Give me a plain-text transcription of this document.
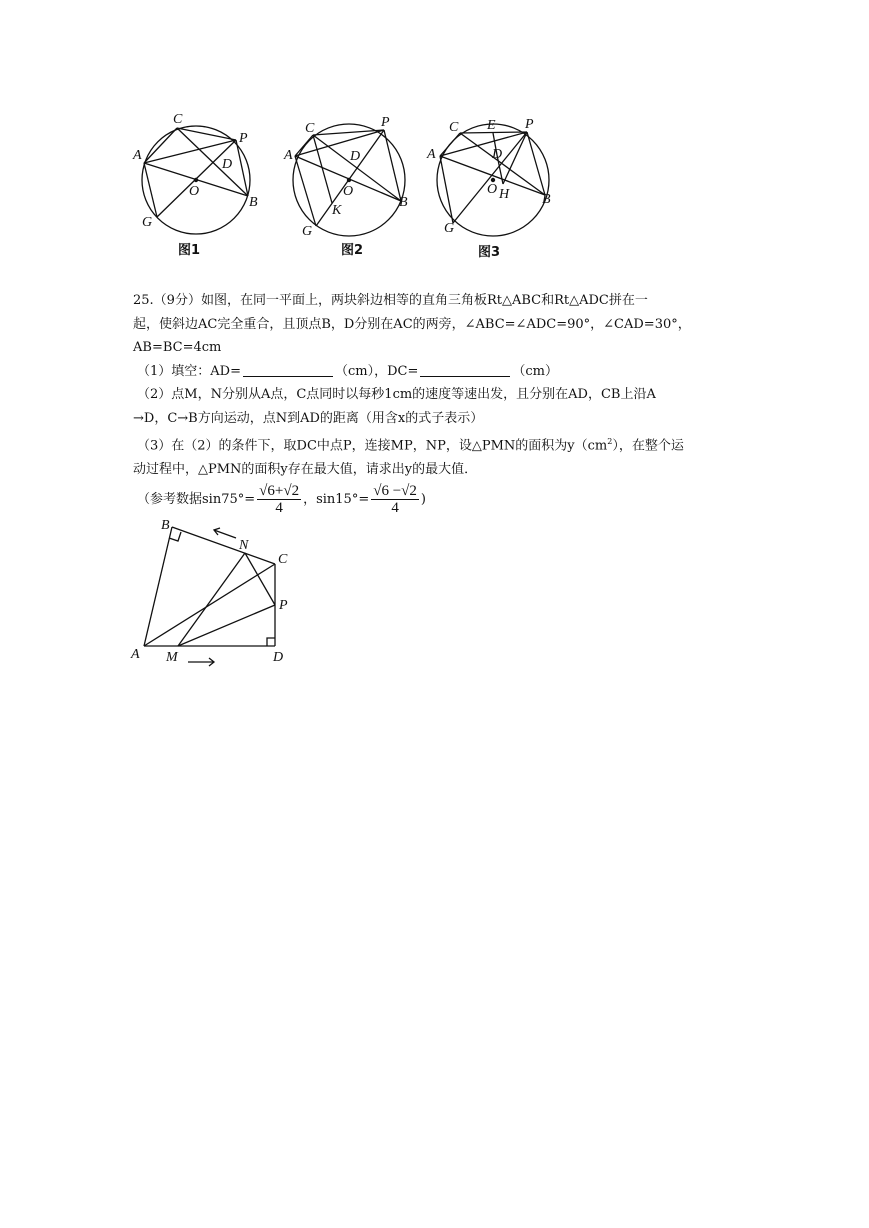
A
C
P
D
O
B
G
图1
A
C	P
D
O
B
K
G
图2
A
C E P
D
O H B
G
图3

25.（9分）如图，在同一平面上，两块斜边相等的直角三角板Rt△ABC和Rt△ADC拼在一

起，使斜边AC完全重合，且顶点B，D分别在AC的两旁，∠ABC=∠ADC=90°，∠CAD=30°，

AB=BC=4cm

（1）填空：AD=	（cm），DC=	（cm）

（2）点M，N分别从A点，C点同时以每秒1cm的速度等速出发，且分别在AD，CB上沿A

→D，C→B方向运动，点N到AD的距离（用含x的式子表示）

（3）在（2）的条件下，取DC中点P，连接MP，NP，设△PMN的面积为$y(cm^2)$，在整个运

动过程中，△PMN的面积y存在最大值，请求出y的最大值．

（参考数据$\sin 75^\circ= \frac{√6+√2}{4}$ ，$\sin 15^\circ= \frac{√6 -√2}{4}$ )

B
N
C
P
A M	D
